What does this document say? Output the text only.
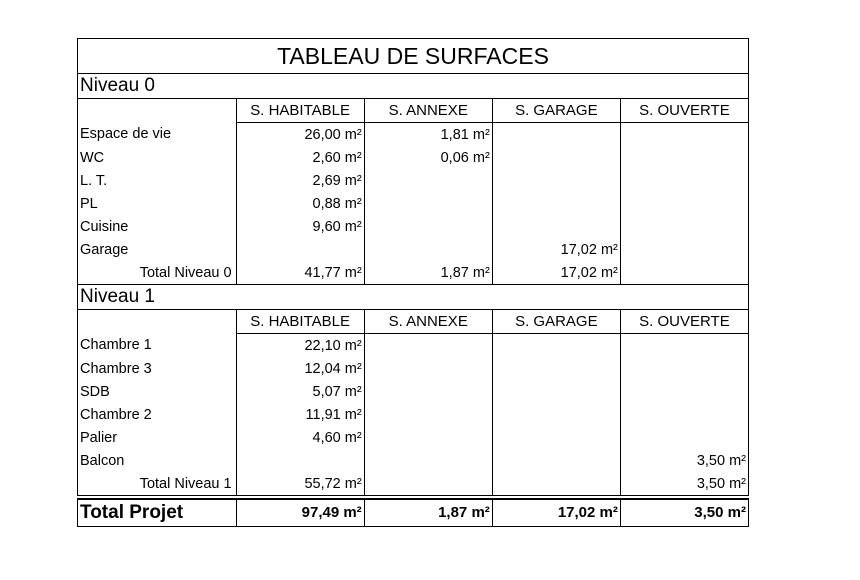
TABLEAU DE SURFACES				
Niveau 0				
	S. HABITABLE	S. ANNEXE	S. GARAGE	S. OUVERTE
Espace de vie	26,00 m²	1,81 m²		
WC	2,60 m²	0,06 m²		
L. T.	2,69 m²			
PL	0,88 m²			
Cuisine	9,60 m²			
Garage			17,02 m²	
Total Niveau 0	41,77 m²	1,87 m²	17,02 m²	
Niveau 1				
	S. HABITABLE	S. ANNEXE	S. GARAGE	S. OUVERTE
Chambre 1	22,10 m²			
Chambre 3	12,04 m²			
SDB	5,07 m²			
Chambre 2	11,91 m²			
Palier	4,60 m²			
Balcon				3,50 m²
Total Niveau 1	55,72 m²			3,50 m²

Total Projet	97,49 m²	1,87 m²	17,02 m²	3,50 m²
